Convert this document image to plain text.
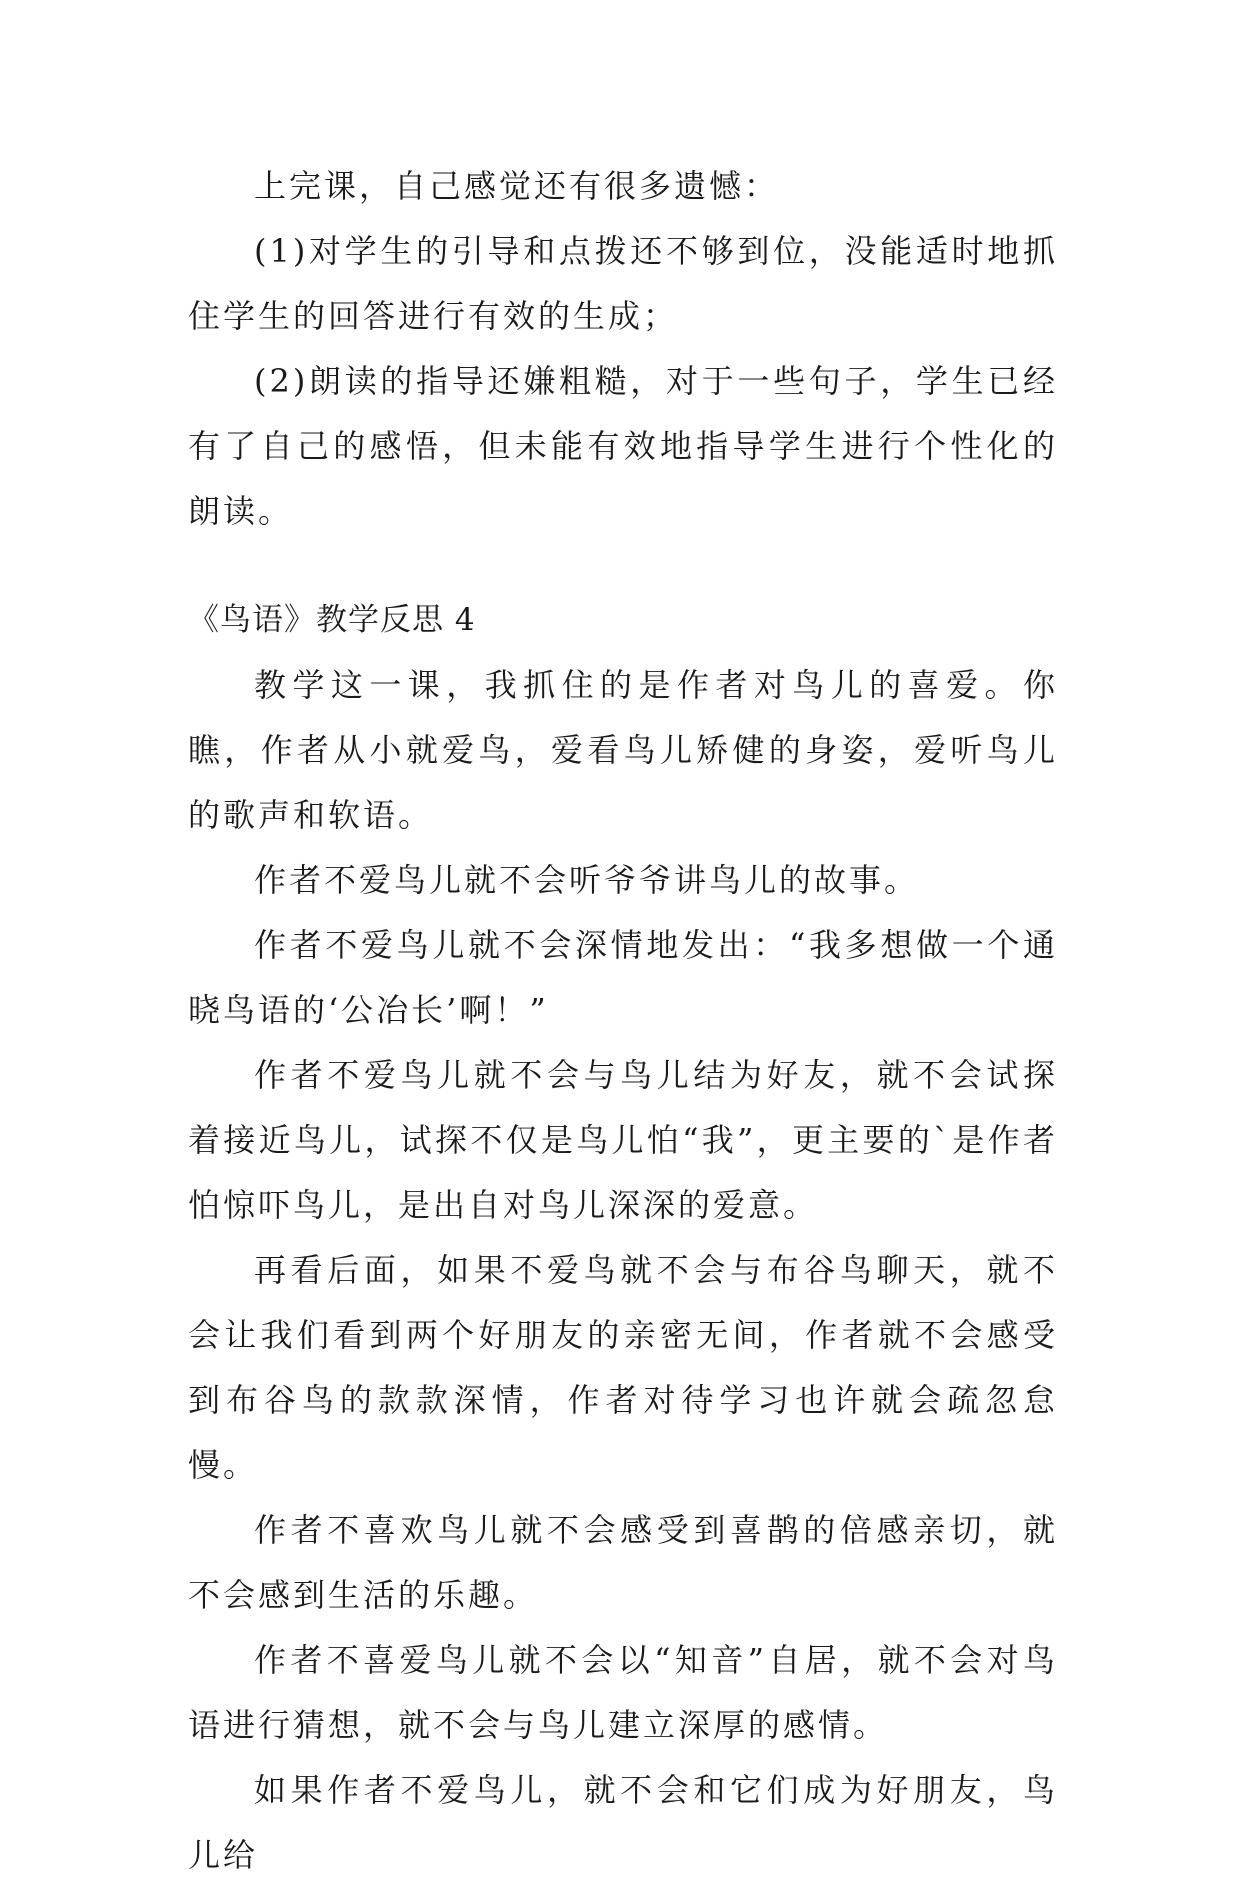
上完课，自己感觉还有很多遗憾：

(1)对学生的引导和点拨还不够到位，没能适时地抓住学生的回答进行有效的生成；

(2)朗读的指导还嫌粗糙，对于一些句子，学生已经有了自己的感悟，但未能有效地指导学生进行个性化的朗读。

《鸟语》教学反思 4

教学这一课，我抓住的是作者对鸟儿的喜爱。你瞧，作者从小就爱鸟，爱看鸟儿矫健的身姿，爱听鸟儿的歌声和软语。

作者不爱鸟儿就不会听爷爷讲鸟儿的故事。

作者不爱鸟儿就不会深情地发出：“我多想做一个通晓鸟语的‘公冶长’啊！”

作者不爱鸟儿就不会与鸟儿结为好友，就不会试探着接近鸟儿，试探不仅是鸟儿怕“我”，更主要的`是作者怕惊吓鸟儿，是出自对鸟儿深深的爱意。

再看后面，如果不爱鸟就不会与布谷鸟聊天，就不会让我们看到两个好朋友的亲密无间，作者就不会感受到布谷鸟的款款深情，作者对待学习也许就会疏忽怠慢。

作者不喜欢鸟儿就不会感受到喜鹊的倍感亲切，就不会感到生活的乐趣。

作者不喜爱鸟儿就不会以“知音”自居，就不会对鸟语进行猜想，就不会与鸟儿建立深厚的感情。

如果作者不爱鸟儿，就不会和它们成为好朋友，鸟儿给
